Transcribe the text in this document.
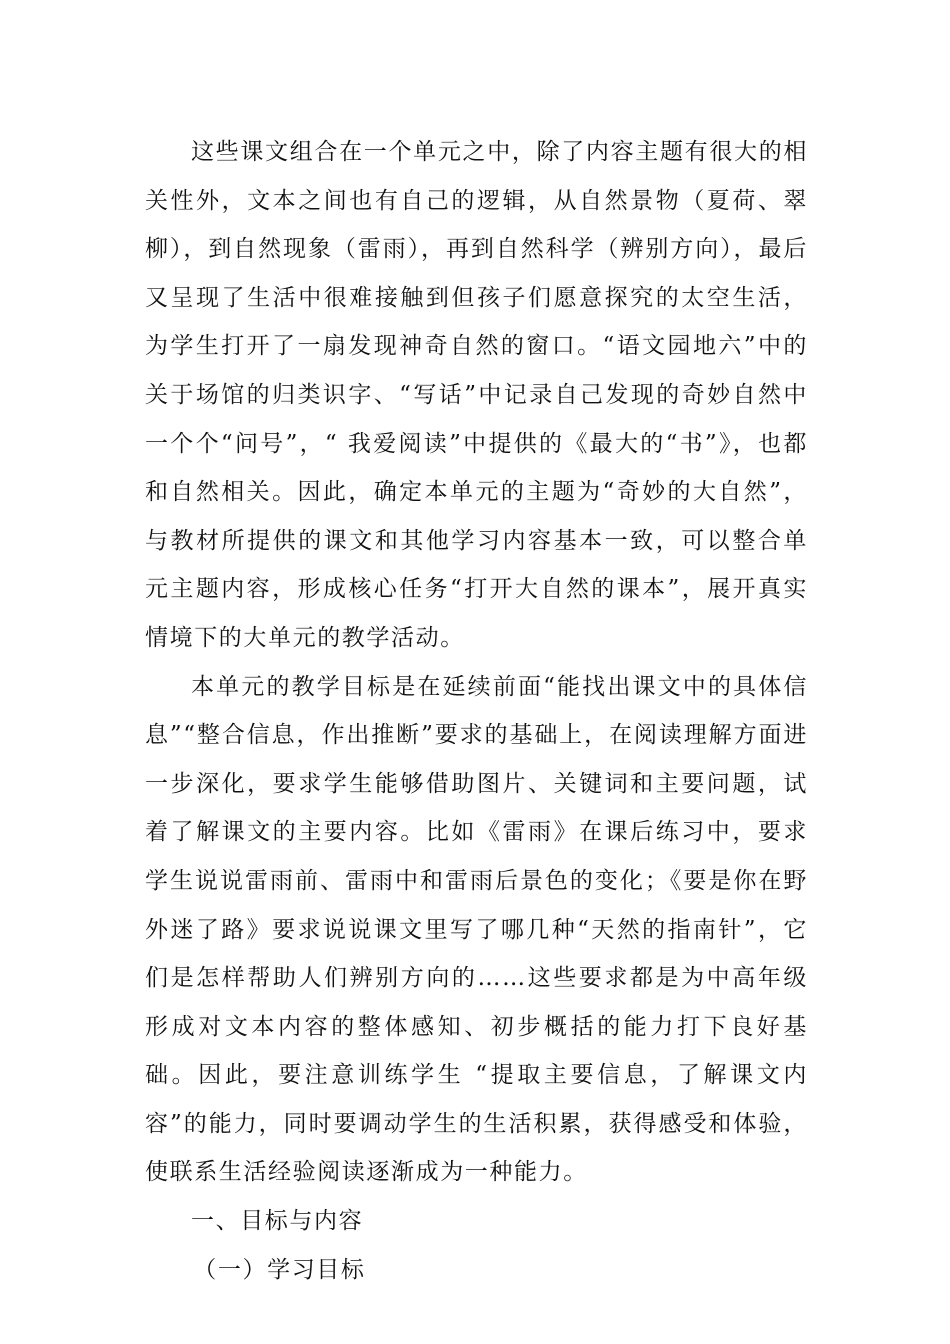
这些课文组合在一个单元之中，除了内容主题有很大的相关性外，文本之间也有自己的逻辑，从自然景物（夏荷、翠柳），到自然现象（雷雨），再到自然科学（辨别方向），最后又呈现了生活中很难接触到但孩子们愿意探究的太空生活，为学生打开了一扇发现神奇自然的窗口。“语文园地六”中的关于场馆的归类识字、“写话”中记录自己发现的奇妙自然中一个个“问号”，“ 我爱阅读”中提供的《最大的“书”》，也都和自然相关。因此，确定本单元的主题为“奇妙的大自然”，与教材所提供的课文和其他学习内容基本一致，可以整合单元主题内容，形成核心任务“打开大自然的课本”，展开真实情境下的大单元的教学活动。

本单元的教学目标是在延续前面“能找出课文中的具体信息”“整合信息，作出推断”要求的基础上，在阅读理解方面进一步深化，要求学生能够借助图片、关键词和主要问题，试着了解课文的主要内容。比如《雷雨》在课后练习中，要求学生说说雷雨前、雷雨中和雷雨后景色的变化；《要是你在野外迷了路》要求说说课文里写了哪几种“天然的指南针”，它们是怎样帮助人们辨别方向的……这些要求都是为中高年级形成对文本内容的整体感知、初步概括的能力打下良好基础。因此，要注意训练学生 “提取主要信息，了解课文内容”的能力，同时要调动学生的生活积累，获得感受和体验，使联系生活经验阅读逐渐成为一种能力。

一、目标与内容

（一）学习目标
